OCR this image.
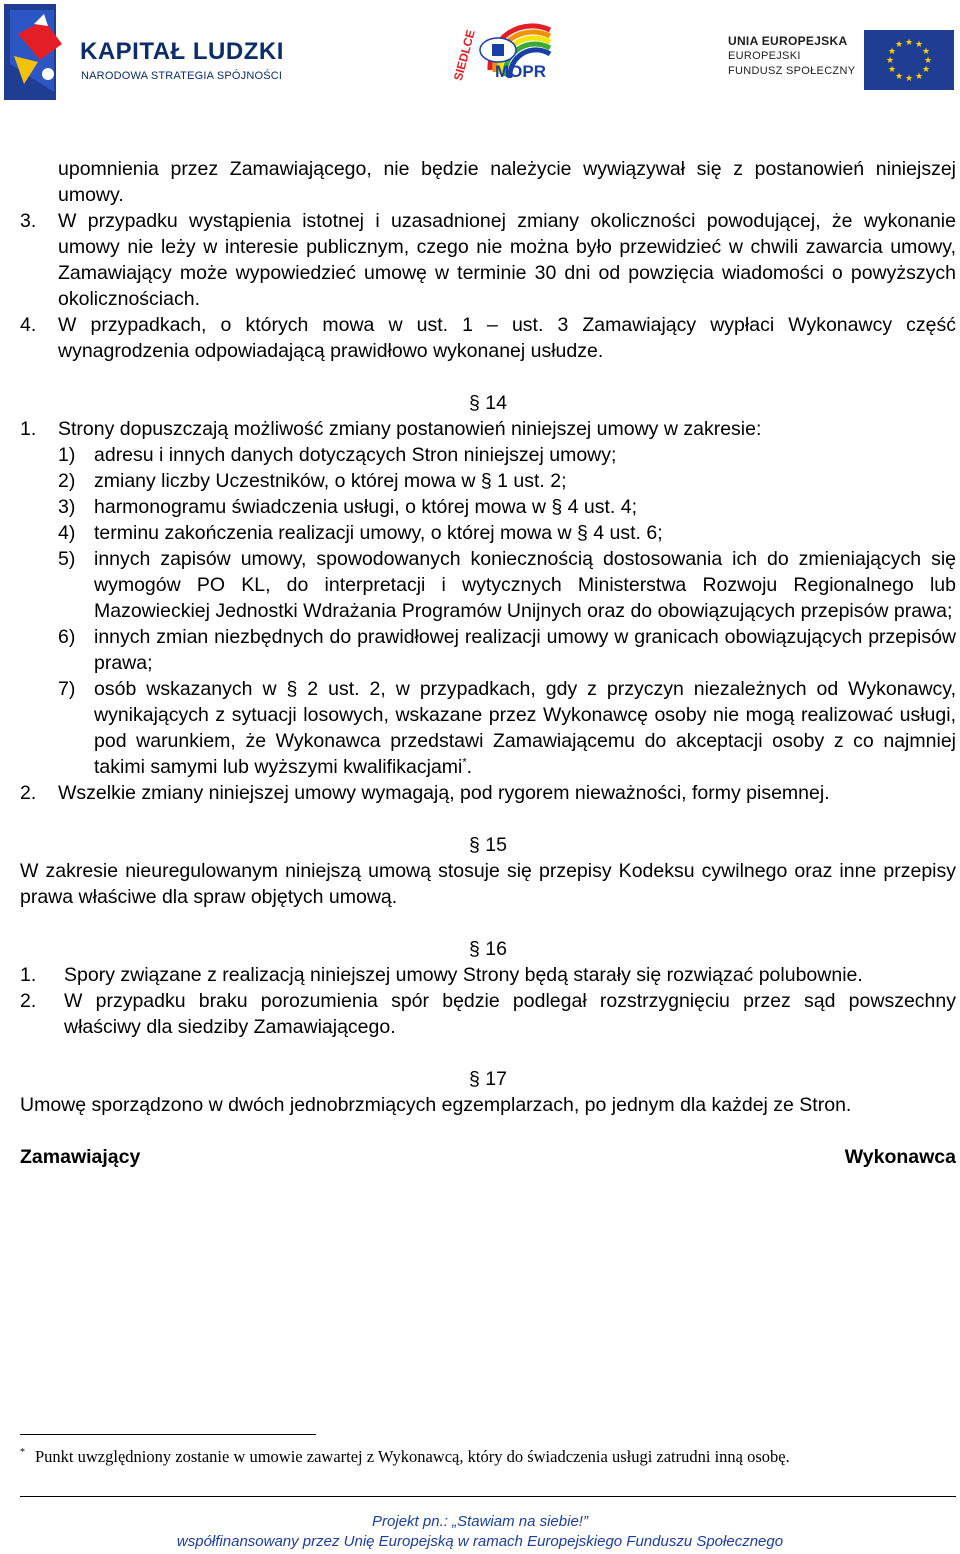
KAPITAŁ LUDZKI
NARODOWA STRATEGIA SPÓJNOŚCI	SIEDLCE MOPR
UNIA EUROPEJSKA
EUROPEJSKI
FUNDUSZ SPOŁECZNY
★ ★
★
★
★
★
★
★
★
★
★
★

upomnienia przez Zamawiającego, nie będzie należycie wywiązywał się z postanowień niniejszej umowy.

3. W przypadku wystąpienia istotnej i uzasadnionej zmiany okoliczności powodującej, że wykonanie umowy nie leży w interesie publicznym, czego nie można było przewidzieć w chwili zawarcia umowy, Zamawiający może wypowiedzieć umowę w terminie 30 dni od powzięcia wiadomości o powyższych okolicznościach.
4. W przypadkach, o których mowa w ust. 1 – ust. 3 Zamawiający wypłaci Wykonawcy część wynagrodzenia odpowiadającą prawidłowo wykonanej usłudze.

§ 14

1. Strony dopuszczają możliwość zmiany postanowień niniejszej umowy w zakresie:
1) adresu i innych danych dotyczących Stron niniejszej umowy;
2) zmiany liczby Uczestników, o której mowa w § 1 ust. 2;
3) harmonogramu świadczenia usługi, o której mowa w § 4 ust. 4;
4) terminu zakończenia realizacji umowy, o której mowa w § 4 ust. 6;
5) innych zapisów umowy, spowodowanych koniecznością dostosowania ich do zmieniających się wymogów PO KL, do interpretacji i wytycznych Ministerstwa Rozwoju Regionalnego lub Mazowieckiej Jednostki Wdrażania Programów Unijnych oraz do obowiązujących przepisów prawa;
6) innych zmian niezbędnych do prawidłowej realizacji umowy w granicach obowiązujących przepisów prawa;
7) osób wskazanych w § 2 ust. 2, w przypadkach, gdy z przyczyn niezależnych od Wykonawcy, wynikających z sytuacji losowych, wskazane przez Wykonawcę osoby nie mogą realizować usługi, pod warunkiem, że Wykonawca przedstawi Zamawiającemu do akceptacji osoby z co najmniej takimi samymi lub wyższymi kwalifikacjami*.
2. Wszelkie zmiany niniejszej umowy wymagają, pod rygorem nieważności, formy pisemnej.

§ 15

W zakresie nieuregulowanym niniejszą umową stosuje się przepisy Kodeksu cywilnego oraz inne przepisy prawa właściwe dla spraw objętych umową.

§ 16

1. Spory związane z realizacją niniejszej umowy Strony będą starały się rozwiązać polubownie.
2. W przypadku braku porozumienia spór będzie podlegał rozstrzygnięciu przez sąd powszechny właściwy dla siedziby Zamawiającego.

§ 17

Umowę sporządzono w dwóch jednobrzmiących egzemplarzach, po jednym dla każdej ze Stron.

Zamawiający	Wykonawca
* Punkt uwzględniony zostanie w umowie zawartej z Wykonawcą, który do świadczenia usługi zatrudni inną osobę.
Projekt pn.: „Stawiam na siebie!”
współfinansowany przez Unię Europejską w ramach Europejskiego Funduszu Społecznego
